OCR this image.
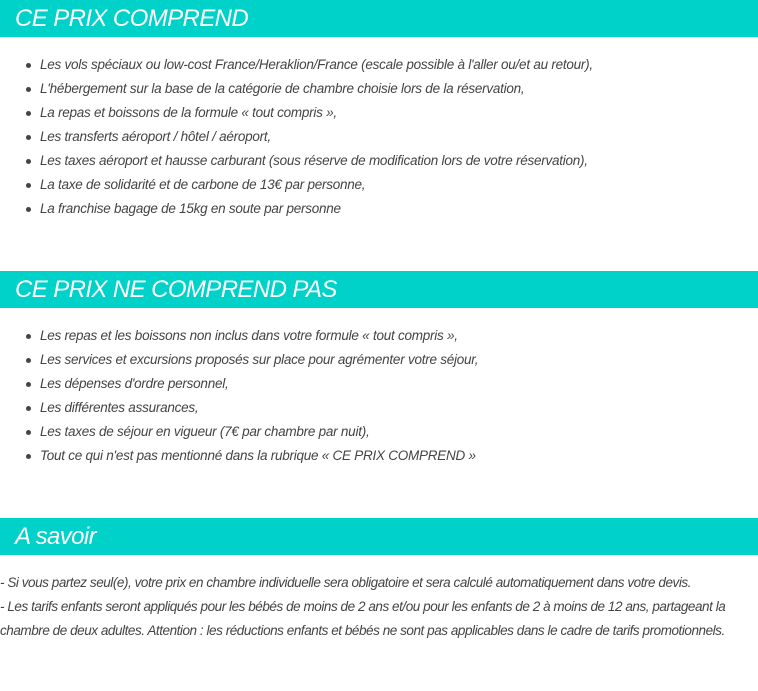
CE PRIX COMPREND
Les vols spéciaux ou low-cost France/Heraklion/France (escale possible à l'aller ou/et au retour),
L'hébergement sur la base de la catégorie de chambre choisie lors de la réservation,
La repas et boissons de la formule « tout compris »,
Les transferts aéroport / hôtel / aéroport,
Les taxes aéroport et hausse carburant (sous réserve de modification lors de votre réservation),
La taxe de solidarité et de carbone de 13€ par personne,
La franchise bagage de 15kg en soute par personne
CE PRIX NE COMPREND PAS
Les repas et les boissons non inclus dans votre formule « tout compris »,
Les services et excursions proposés sur place pour agrémenter votre séjour,
Les dépenses d'ordre personnel,
Les différentes assurances,
Les taxes de séjour en vigueur (7€ par chambre par nuit),
Tout ce qui n'est pas mentionné dans la rubrique « CE PRIX COMPREND »
A savoir

- Si vous partez seul(e), votre prix en chambre individuelle sera obligatoire et sera calculé automatiquement dans votre devis.

- Les tarifs enfants seront appliqués pour les bébés de moins de 2 ans et/ou pour les enfants de 2 à moins de 12 ans, partageant la chambre de deux adultes. Attention : les réductions enfants et bébés ne sont pas applicables dans le cadre de tarifs promotionnels.
